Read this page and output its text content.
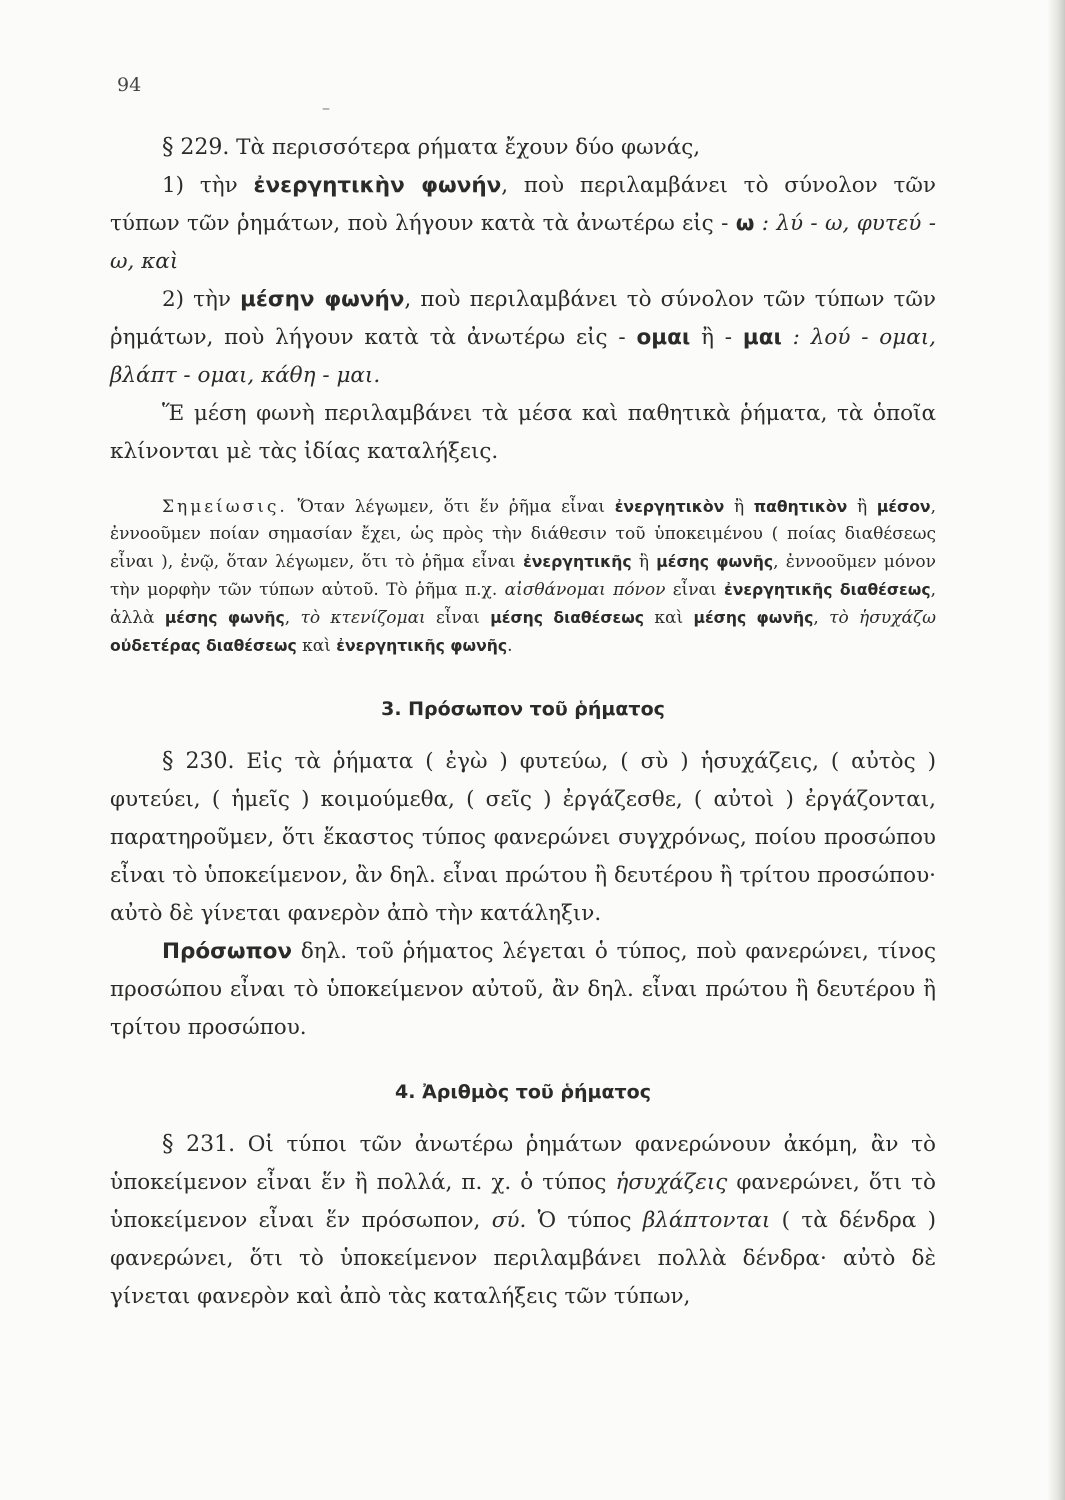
94
–

§ 229. Τὰ περισσότερα ρήματα ἔχουν δύο φωνάς,

1) τὴν ἐνεργητικὴν φωνήν, ποὺ περιλαμβάνει τὸ σύνολον τῶν τύπων τῶν ῥημάτων, ποὺ λήγουν κατὰ τὰ ἀνωτέρω εἰς - ω : λύ - ω, φυτεύ - ω, καὶ

2) τὴν μέσην φωνήν, ποὺ περιλαμβάνει τὸ σύνολον τῶν τύπων τῶν ῥημάτων, ποὺ λήγουν κατὰ τὰ ἀνωτέρω εἰς - ομαι ἢ - μαι : λού - ομαι, βλάπτ - ομαι, κάθη - μαι.

Ἕ μέση φωνὴ περιλαμβάνει τὰ μέσα καὶ παθητικὰ ῥήματα, τὰ ὁποῖα κλίνονται μὲ τὰς ἰδίας καταλήξεις.

Σημείωσις. Ὅταν λέγωμεν, ὅτι ἕν ῥῆμα εἶναι ἐνεργητικὸν ἢ παθητικὸν ἢ μέσον, ἐννοοῦμεν ποίαν σημασίαν ἔχει, ὡς πρὸς τὴν διάθεσιν τοῦ ὑποκειμένου ( ποίας διαθέσεως εἶναι ), ἐνῷ, ὅταν λέγωμεν, ὅτι τὸ ῥῆμα εἶναι ἐνεργητικῆς ἢ μέσης φωνῆς, ἐννοοῦμεν μόνον τὴν μορφὴν τῶν τύπων αὐτοῦ. Τὸ ῥῆμα π.χ. αἰσθάνομαι πόνον εἶναι ἐνεργητικῆς διαθέσεως, ἀλλὰ μέσης φωνῆς, τὸ κτενίζομαι εἶναι μέσης διαθέσεως καὶ μέσης φωνῆς, τὸ ἡσυχάζω οὐδετέρας διαθέσεως καὶ ἐνεργητικῆς φωνῆς.

3. Πρόσωπον τοῦ ῥήματος

§ 230. Εἰς τὰ ῥήματα ( ἐγὼ ) φυτεύω, ( σὺ ) ἡσυχάζεις, ( αὐτὸς ) φυτεύει, ( ἡμεῖς ) κοιμούμεθα, ( σεῖς ) ἐργάζεσθε, ( αὐτοὶ ) ἐργάζονται, παρατηροῦμεν, ὅτι ἕκαστος τύπος φανερώνει συγχρόνως, ποίου προσώπου εἶναι τὸ ὑποκείμενον, ἂν δηλ. εἶναι πρώτου ἢ δευτέρου ἢ τρίτου προσώπου· αὐτὸ δὲ γίνεται φανερὸν ἀπὸ τὴν κατάληξιν.

Πρόσωπον δηλ. τοῦ ῥήματος λέγεται ὁ τύπος, ποὺ φανερώνει, τίνος προσώπου εἶναι τὸ ὑποκείμενον αὐτοῦ, ἂν δηλ. εἶναι πρώτου ἢ δευτέρου ἢ τρίτου προσώπου.

4. Ἀριθμὸς τοῦ ῥήματος

§ 231. Οἱ τύποι τῶν ἀνωτέρω ῥημάτων φανερώνουν ἀκόμη, ἂν τὸ ὑποκείμενον εἶναι ἕν ἢ πολλά, π. χ. ὁ τύπος ἡσυχάζεις φανερώνει, ὅτι τὸ ὑποκείμενον εἶναι ἕν πρόσωπον, σύ. Ὁ τύπος βλάπτονται ( τὰ δένδρα ) φανερώνει, ὅτι τὸ ὑποκείμενον περιλαμβάνει πολλὰ δένδρα· αὐτὸ δὲ γίνεται φανερὸν καὶ ἀπὸ τὰς καταλήξεις τῶν τύπων,
